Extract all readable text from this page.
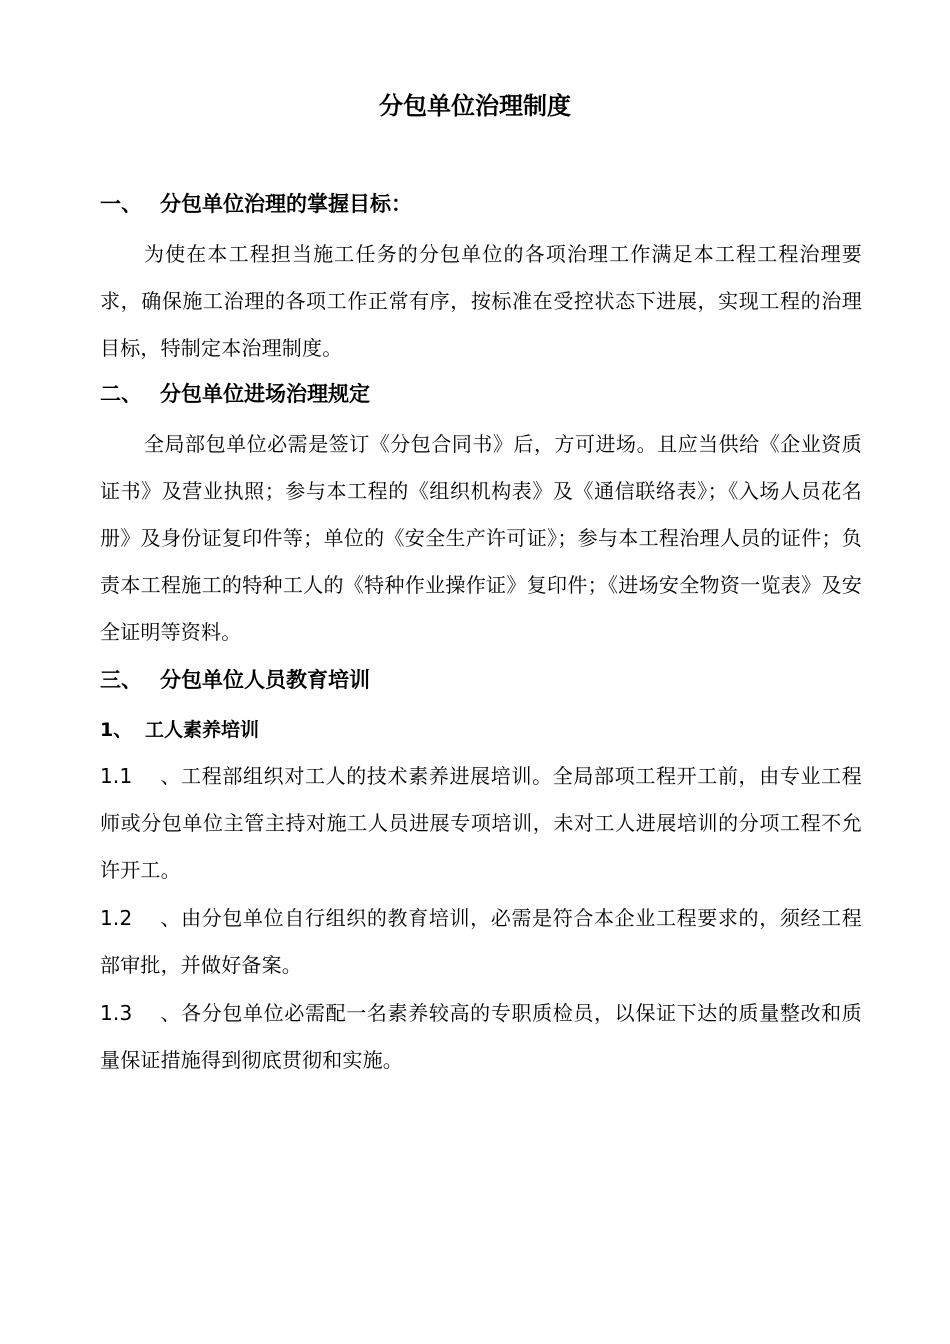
分包单位治理制度
一、 分包单位治理的掌握目标：

为使在本工程担当施工任务的分包单位的各项治理工作满足本工程工程治理要求，确保施工治理的各项工作正常有序，按标准在受控状态下进展，实现工程的治理目标，特制定本治理制度。

二、 分包单位进场治理规定

全局部包单位必需是签订《分包合同书》后，方可进场。且应当供给《企业资质证书》及营业执照；参与本工程的《组织机构表》及《通信联络表》；《入场人员花名册》及身份证复印件等；单位的《安全生产许可证》；参与本工程治理人员的证件；负责本工程施工的特种工人的《特种作业操作证》复印件；《进场安全物资一览表》及安全证明等资料。

三、 分包单位人员教育培训
1、 工人素养培训

1.1 、工程部组织对工人的技术素养进展培训。全局部项工程开工前，由专业工程师或分包单位主管主持对施工人员进展专项培训，未对工人进展培训的分项工程不允许开工。

1.2 、由分包单位自行组织的教育培训，必需是符合本企业工程要求的，须经工程部审批，并做好备案。

1.3 、各分包单位必需配一名素养较高的专职质检员，以保证下达的质量整改和质量保证措施得到彻底贯彻和实施。
